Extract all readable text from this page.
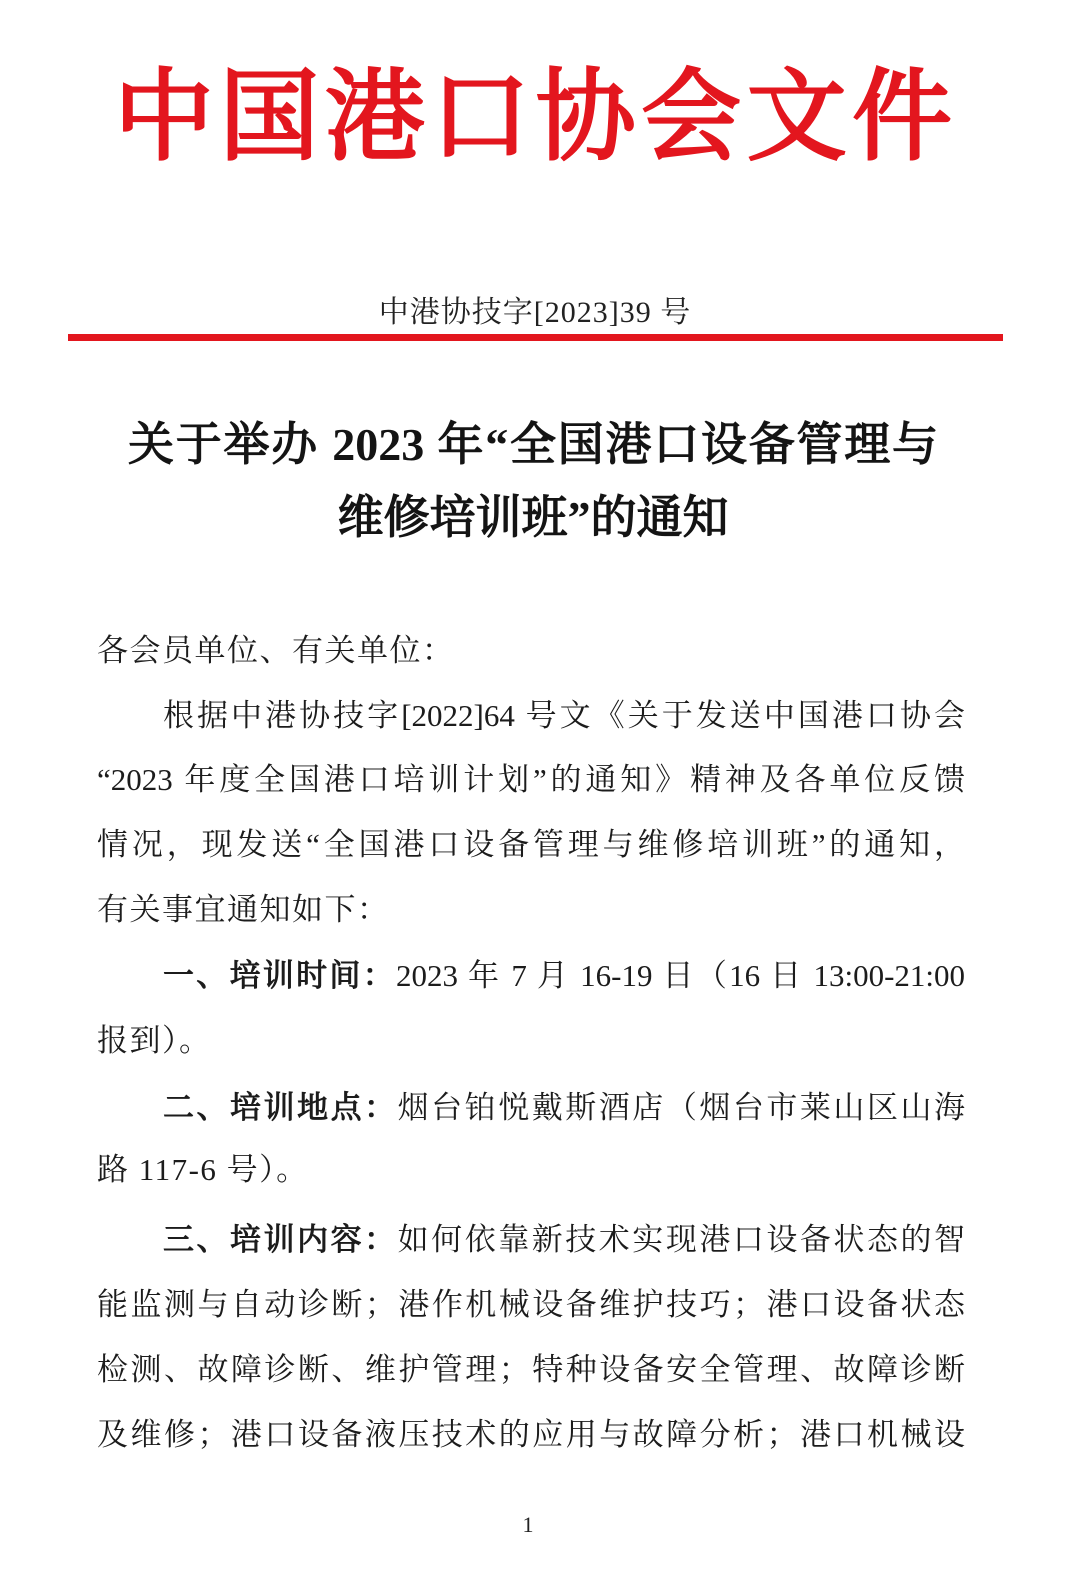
中国港口协会文件
中港协技字[2023]39 号
关于举办 2023 年“全国港口设备管理与
维修培训班”的通知
各会员单位、有关单位：
根据中港协技字[2022]64 号文《关于发送中国港口协会
“2023 年度全国港口培训计划”的通知》精神及各单位反馈
情况，现发送“全国港口设备管理与维修培训班”的通知，
有关事宜通知如下：
一、培训时间：2023 年 7 月 16-19 日（16 日 13:00-21:00
报到）。
二、培训地点：烟台铂悦戴斯酒店（烟台市莱山区山海
路 117-6 号）。
三、培训内容：如何依靠新技术实现港口设备状态的智
能监测与自动诊断；港作机械设备维护技巧；港口设备状态
检测、故障诊断、维护管理；特种设备安全管理、故障诊断
及维修；港口设备液压技术的应用与故障分析；港口机械设
1
